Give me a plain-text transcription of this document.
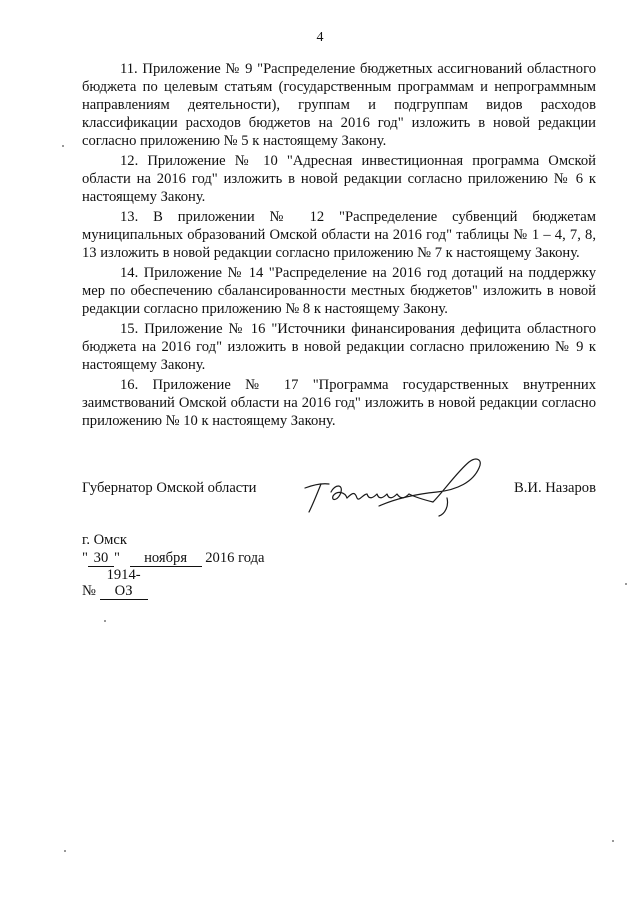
4

11. Приложение № 9 "Распределение бюджетных ассигнований областного бюджета по целевым статьям (государственным программам и непрограммным направлениям деятельности), группам и подгруппам видов расходов классификации расходов бюджетов на 2016 год" изложить в новой редакции согласно приложению № 5 к настоящему Закону.

12. Приложение № 10 "Адресная инвестиционная программа Омской области на 2016 год" изложить в новой редакции согласно приложению № 6 к настоящему Закону.

13. В приложении № 12 "Распределение субвенций бюджетам муниципальных образований Омской области на 2016 год" таблицы № 1 – 4, 7, 8, 13 изложить в новой редакции согласно приложению № 7 к настоящему Закону.

14. Приложение № 14 "Распределение на 2016 год дотаций на поддержку мер по обеспечению сбалансированности местных бюджетов" изложить в новой редакции согласно приложению № 8 к настоящему Закону.

15. Приложение № 16 "Источники финансирования дефицита областного бюджета на 2016 год" изложить в новой редакции согласно приложению № 9 к настоящему Закону.

16. Приложение № 17 "Программа государственных внутренних заимствований Омской области на 2016 год" изложить в новой редакции согласно приложению № 10 к настоящему Закону.

Губернатор Омской области	В.И. Назаров
г. Омск
" 30 " ноября 2016 года
№ 1914-ОЗ
